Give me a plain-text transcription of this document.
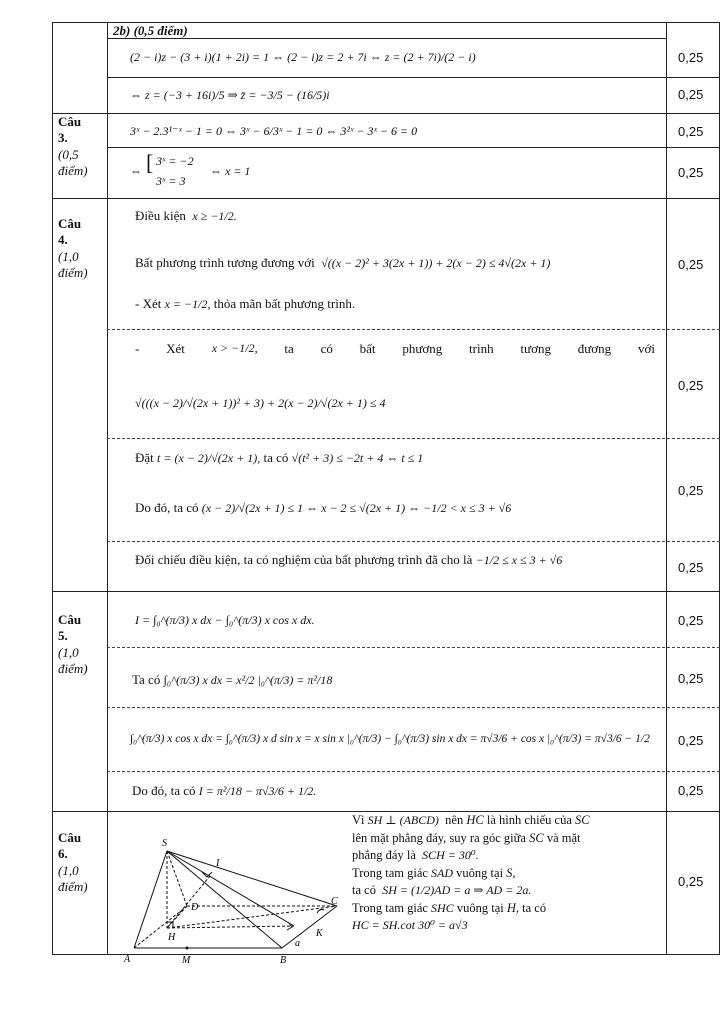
2b) (0,5 điểm)
Câu
3.
(0,5
điểm)
(2 − i)z − (3 + i)(1 + 2i) = 1 ⇔ (2 − i)z = 2 + 7i ⇔ z = (2 + 7i)/(2 − i)	0,25
⇔ z = (−3 + 16i)/5 ⇒ z̄ = −3/5 − (16/5)i	0,25
3ˣ − 2.3¹⁻ˣ − 1 = 0 ⇔ 3ˣ − 6/3ˣ − 1 = 0 ⇔ 3²ˣ − 3ˣ − 6 = 0	0,25
⇔ [ 3ˣ = −2
3ˣ = 3
⇔ x = 1	0,25
Câu
4.
(1,0
điểm)
Điều kiện x ≥ −1/2.
Bất phương trình tương đương với √((x − 2)² + 3(2x + 1)) + 2(x − 2) ≤ 4√(2x + 1)
- Xét x = −1/2, thỏa mãn bất phương trình.
0,25
- Xét x > −1/2, ta có bất phương trình tương đương với
√(((x − 2)/√(2x + 1))² + 3) + 2(x − 2)/√(2x + 1) ≤ 4
0,25
Đặt t = (x − 2)/√(2x + 1), ta có √(t² + 3) ≤ −2t + 4 ⇔ t ≤ 1
Do đó, ta có (x − 2)/√(2x + 1) ≤ 1 ⇔ x − 2 ≤ √(2x + 1) ⇔ −1/2 < x ≤ 3 + √6
0,25
Đối chiếu điều kiện, ta có nghiệm của bất phương trình đã cho là −1/2 ≤ x ≤ 3 + √6	0,25
Câu
5.
(1,0
điểm)
I = ∫₀^(π/3) x dx − ∫₀^(π/3) x cos x dx.	0,25
Ta có ∫₀^(π/3) x dx = x²/2 |₀^(π/3) = π²/18	0,25
∫₀^(π/3) x cos x dx = ∫₀^(π/3) x d sin x = x sin x |₀^(π/3) − ∫₀^(π/3) sin x dx = π√3/6 + cos x |₀^(π/3) = π√3/6 − 1/2 0,25
Do đó, ta có I = π²/18 − π√3/6 + 1/2.	0,25
Câu
6.
(1,0
điểm)
S
I
D
C
H	K
A	M	B
a
Vì SH ⊥ (ABCD) nên HC là hình chiếu của SC
lên mặt phẳng đáy, suy ra góc giữa SC và mặt
phẳng đáy là SCH = 30⁰.
Trong tam giác SAD vuông tại S,
ta có SH = (1/2)AD = a ⇒ AD = 2a.
Trong tam giác SHC vuông tại H, ta có
HC = SH.cot 30⁰ = a√3
0,25
